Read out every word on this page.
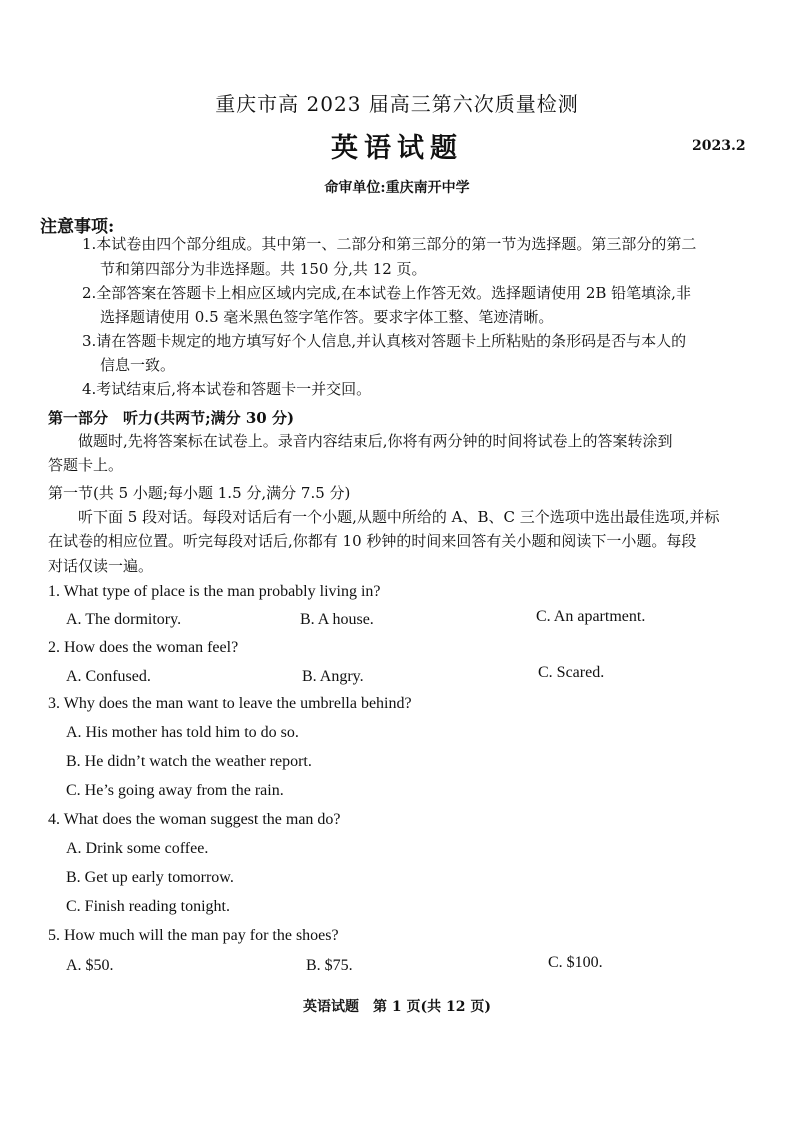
重庆市高 2023 届高三第六次质量检测
英语试题	2023.2
命审单位:重庆南开中学
注意事项:
1.本试卷由四个部分组成。其中第一、二部分和第三部分的第一节为选择题。第三部分的第二
节和第四部分为非选择题。共 150 分,共 12 页。
2.全部答案在答题卡上相应区域内完成,在本试卷上作答无效。选择题请使用 2B 铅笔填涂,非
选择题请使用 0.5 毫米黑色签字笔作答。要求字体工整、笔迹清晰。
3.请在答题卡规定的地方填写好个人信息,并认真核对答题卡上所粘贴的条形码是否与本人的
信息一致。
4.考试结束后,将本试卷和答题卡一并交回。
第一部分　听力(共两节;满分 30 分)
做题时,先将答案标在试卷上。录音内容结束后,你将有两分钟的时间将试卷上的答案转涂到
答题卡上。
第一节(共 5 小题;每小题 1.5 分,满分 7.5 分)
听下面 5 段对话。每段对话后有一个小题,从题中所给的 A、B、C 三个选项中选出最佳选项,并标
在试卷的相应位置。听完每段对话后,你都有 10 秒钟的时间来回答有关小题和阅读下一小题。每段
对话仅读一遍。
1. What type of place is the man probably living in?
A. The dormitory.	B. A house.	C. An apartment.
2. How does the woman feel?
A. Confused.	B. Angry.	C. Scared.
3. Why does the man want to leave the umbrella behind?
A. His mother has told him to do so.
B. He didn’t watch the weather report.
C. He’s going away from the rain.
4. What does the woman suggest the man do?
A. Drink some coffee.
B. Get up early tomorrow.
C. Finish reading tonight.
5. How much will the man pay for the shoes?
A. $50.	B. $75.	C. $100.
英语试题　第 1 页(共 12 页)
